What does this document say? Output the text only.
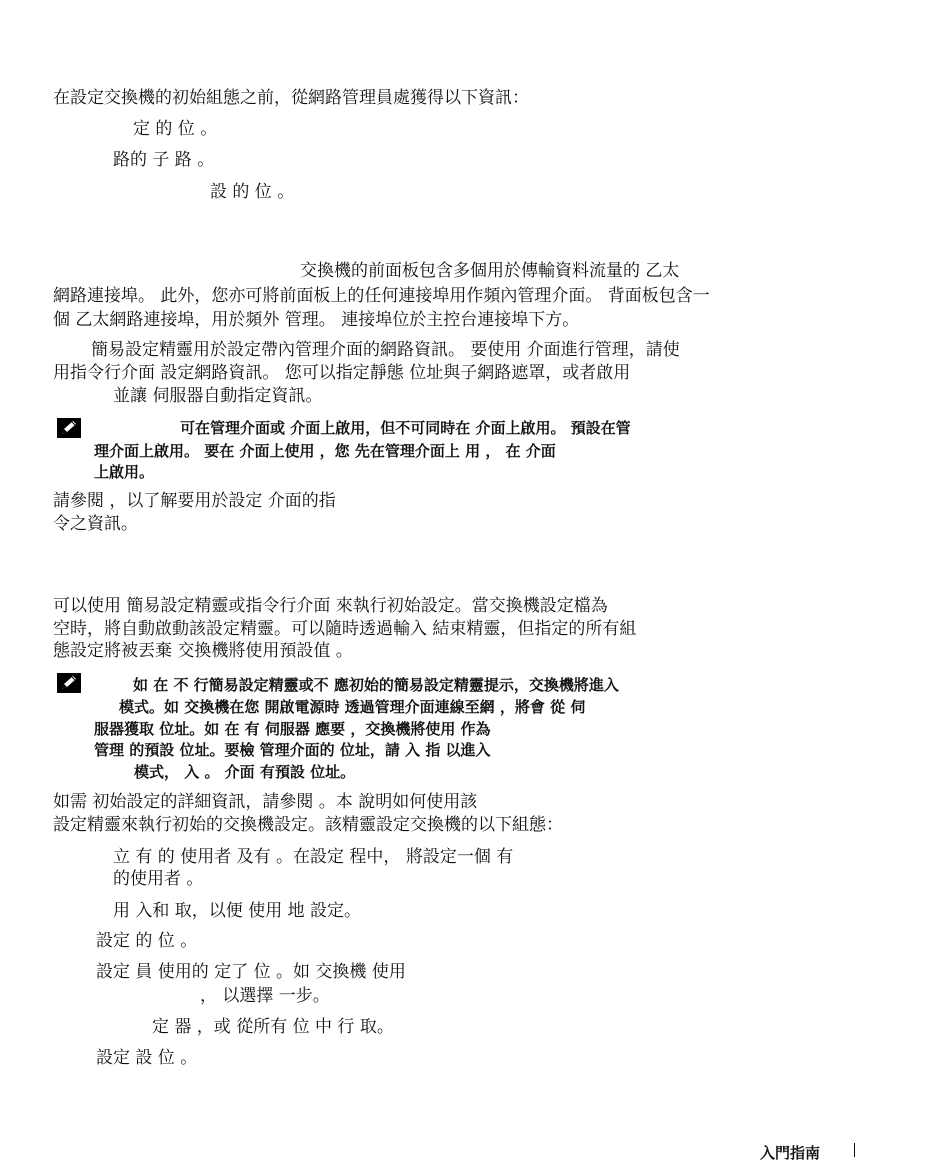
在設定交換機的初始組態之前，從網路管理員處獲得以下資訊：
定 的 位 。
路的 子 路 。
設 的 位 。
交換機的前面板包含多個用於傳輸資料流量的 乙太
網路連接埠。 此外，您亦可將前面板上的任何連接埠用作頻內管理介面。 背面板包含一
個 乙太網路連接埠，用於頻外 管理。 連接埠位於主控台連接埠下方。
簡易設定精靈用於設定帶內管理介面的網路資訊。 要使用 介面進行管理，請使
用指令行介面 設定網路資訊。 您可以指定靜態 位址與子網路遮罩，或者啟用
並讓 伺服器自動指定資訊。
可在管理介面或 介面上啟用，但不可同時在 介面上啟用。 預設在管
理介面上啟用。 要在 介面上使用 ，您 先在管理介面上 用 ， 在 介面
上啟用。
請參閱 ，以了解要用於設定 介面的指
令之資訊。
可以使用 簡易設定精靈或指令行介面 來執行初始設定。當交換機設定檔為
空時，將自動啟動該設定精靈。可以隨時透過輸入 結束精靈，但指定的所有組
態設定將被丟棄 交換機將使用預設值 。
如 在 不 行簡易設定精靈或不 應初始的簡易設定精靈提示，交換機將進入
模式。如 交換機在您 開啟電源時 透過管理介面連線至網 ，將會 從 伺
服器獲取 位址。如 在 有 伺服器 應要 ，交換機將使用 作為
管理 的預設 位址。要檢 管理介面的 位址，請 入 指 以進入
模式， 入 。 介面 有預設 位址。
如需 初始設定的詳細資訊，請參閱 。本 說明如何使用該
設定精靈來執行初始的交換機設定。該精靈設定交換機的以下組態：
立 有 的 使用者 及有 。在設定 程中， 將設定一個 有
的使用者 。
用 入和 取，以便 使用 地 設定。
設定 的 位 。
設定 員 使用的 定了 位 。如 交換機 使用
， 以選擇 一步。
定 器 ，或 從所有 位 中 行 取。
設定 設 位 。
入門指南
